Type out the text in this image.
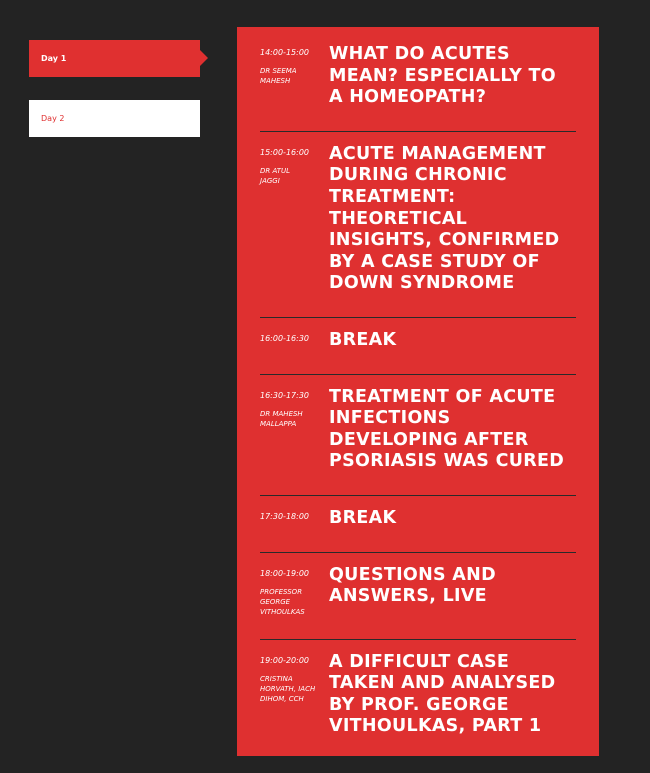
Day 1
Day 2
14:00-15:00
DR SEEMA MAHESH
WHAT DO ACUTES MEAN? ESPECIALLY TO A HOMEOPATH?
15:00-16:00
DR ATUL JAGGI
ACUTE MANAGEMENT DURING CHRONIC TREATMENT: THEORETICAL INSIGHTS, CONFIRMED BY A CASE STUDY OF DOWN SYNDROME
16:00-16:30	BREAK
16:30-17:30
DR MAHESH MALLAPPA
TREATMENT OF ACUTE INFECTIONS DEVELOPING AFTER PSORIASIS WAS CURED
17:30-18:00	BREAK
18:00-19:00
PROFESSOR GEORGE VITHOULKAS
QUESTIONS AND ANSWERS, LIVE
19:00-20:00
CRISTINA HORVATH, IACH DIHOM, CCH
A DIFFICULT CASE TAKEN AND ANALYSED BY PROF. GEORGE VITHOULKAS, PART 1
